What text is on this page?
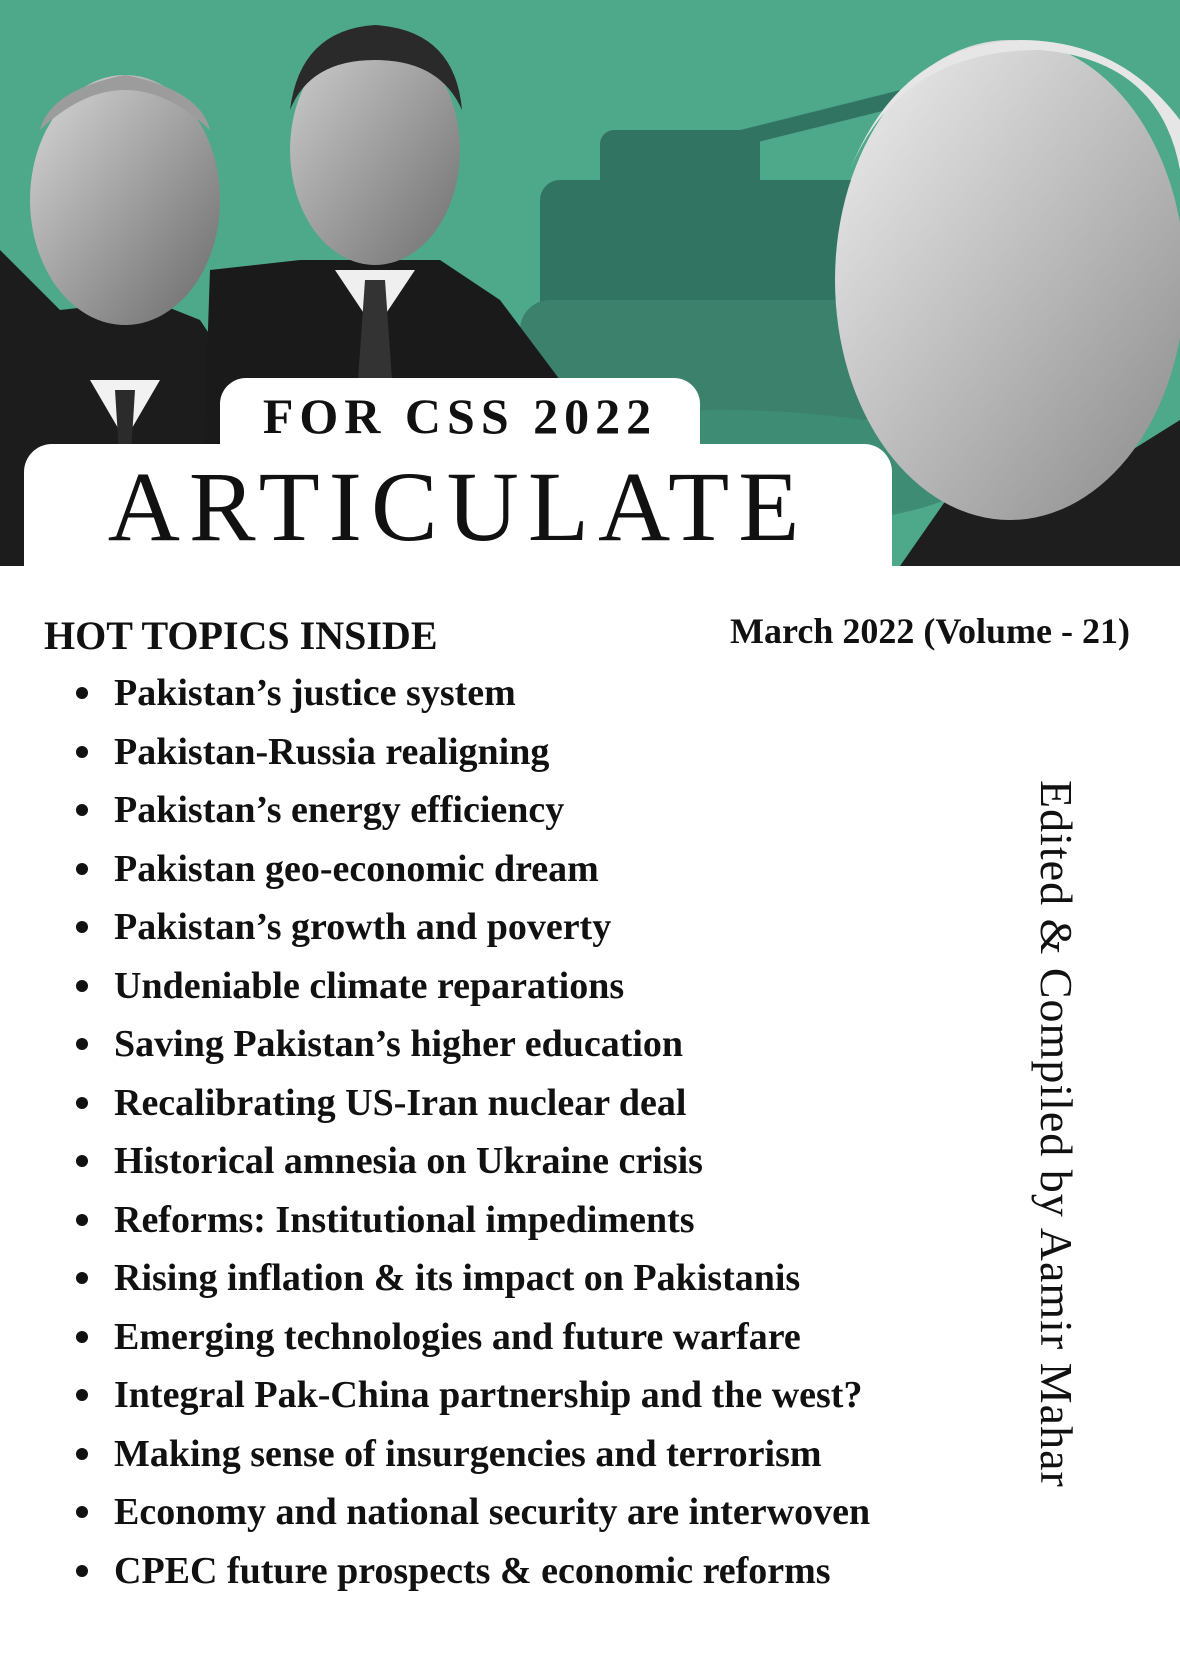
FOR CSS 2022
ARTICULATE
HOT TOPICS INSIDE	March 2022 (Volume - 21)
Pakistan’s justice system
Pakistan-Russia realigning
Pakistan’s energy efficiency
Pakistan geo-economic dream
Pakistan’s growth and poverty
Undeniable climate reparations
Saving Pakistan’s higher education
Recalibrating US-Iran nuclear deal
Historical amnesia on Ukraine crisis
Reforms: Institutional impediments
Rising inflation & its impact on Pakistanis
Emerging technologies and future warfare
Integral Pak-China partnership and the west?
Making sense of insurgencies and terrorism
Economy and national security are interwoven
CPEC future prospects & economic reforms
Edited & Compiled by Aamir Mahar
